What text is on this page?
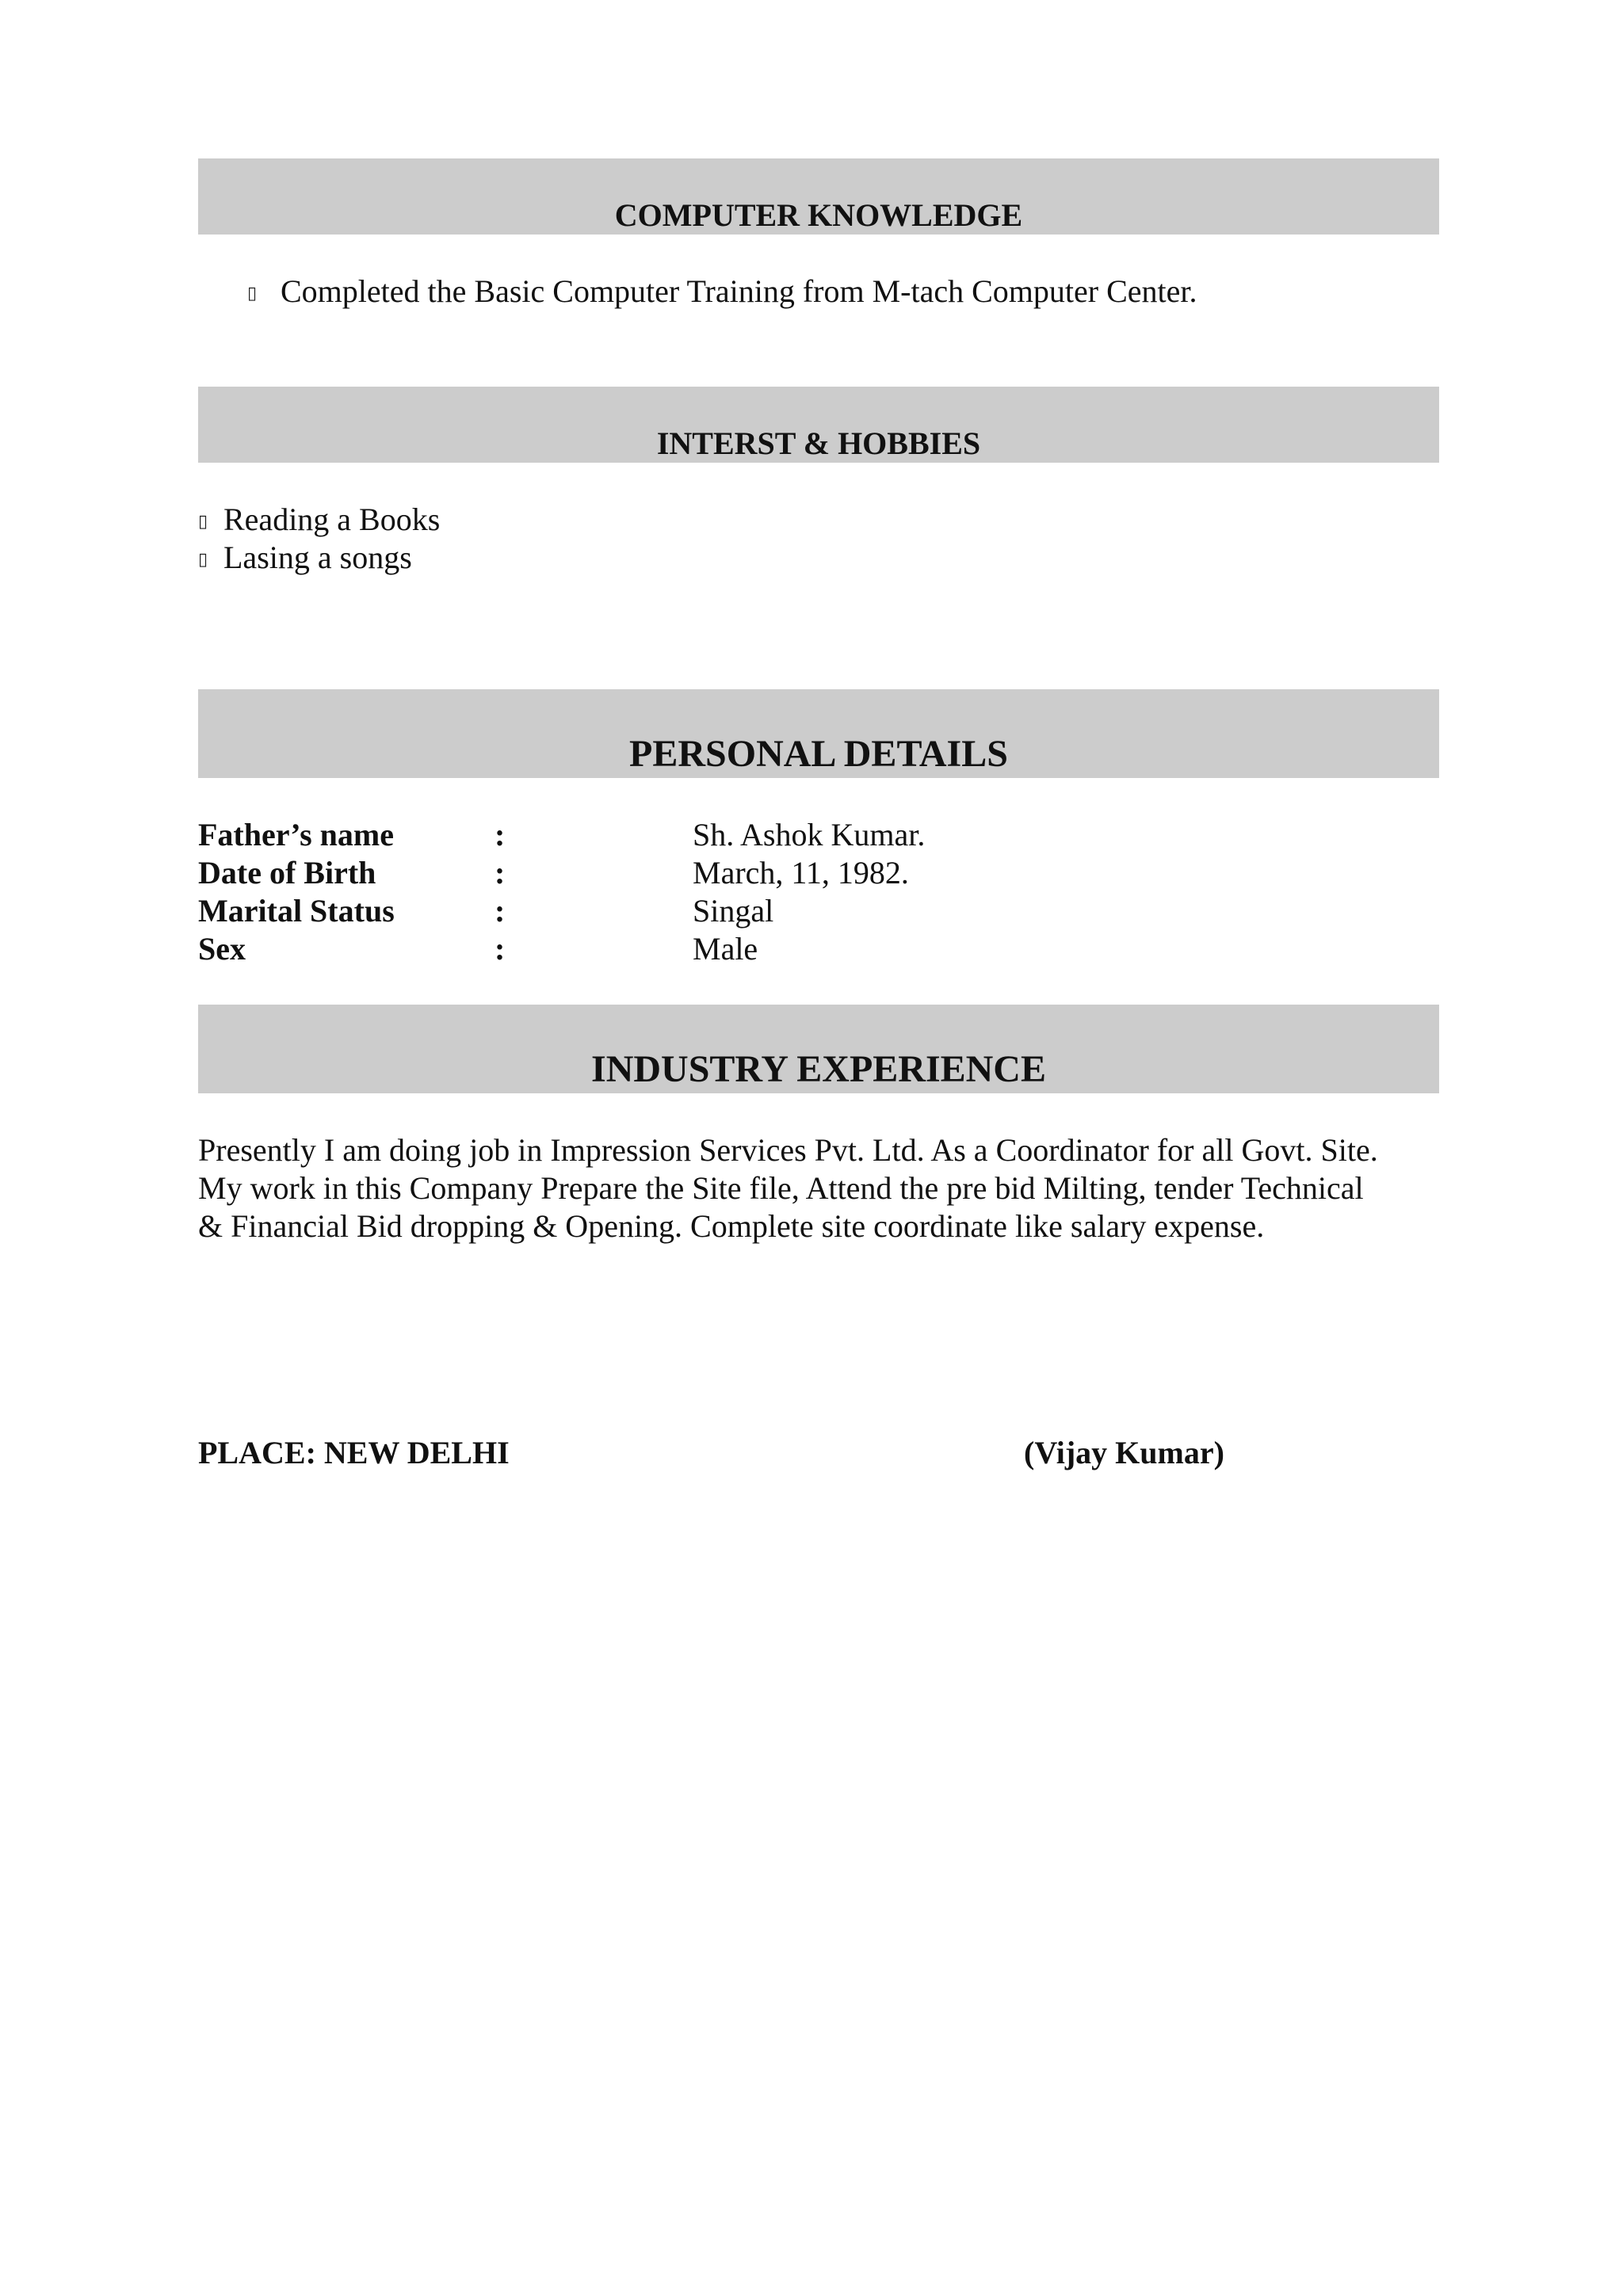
COMPUTER KNOWLEDGE
▯ Completed the Basic Computer Training from M-tach Computer Center.
INTERST & HOBBIES
▯ Reading a Books
▯ Lasing a songs
PERSONAL DETAILS
Father’s name	:	Sh. Ashok Kumar.
Date of Birth	:	March, 11, 1982.
Marital Status	:	Singal
Sex	:	Male
INDUSTRY EXPERIENCE

Presently I am doing job in Impression Services Pvt. Ltd. As a Coordinator for all Govt. Site.
My work in this Company Prepare the Site file, Attend the pre bid Milting, tender Technical
& Financial Bid dropping & Opening. Complete site coordinate like salary expense.

PLACE: NEW DELHI	(Vijay Kumar)
